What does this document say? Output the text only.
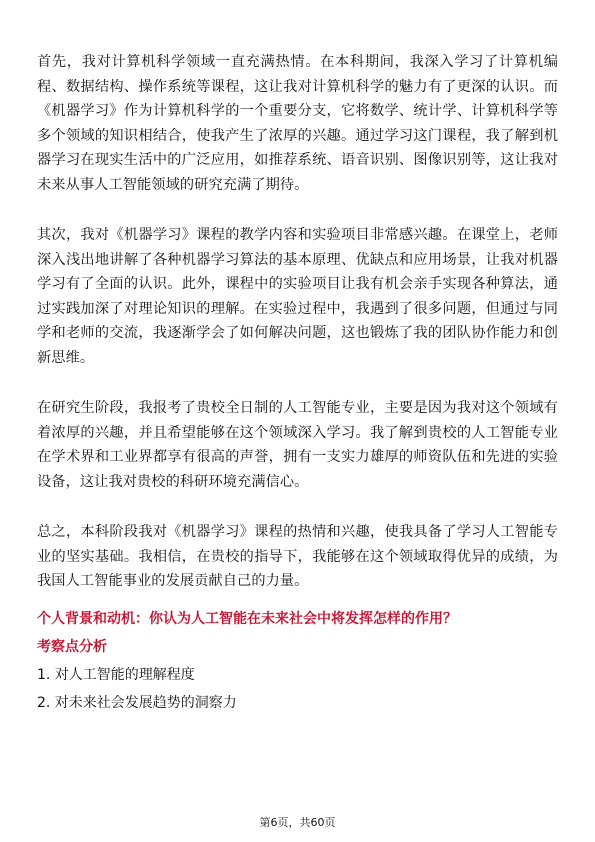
首先，我对计算机科学领域一直充满热情。在本科期间，我深入学习了计算机编程、数据结构、操作系统等课程，这让我对计算机科学的魅力有了更深的认识。而《机器学习》作为计算机科学的一个重要分支，它将数学、统计学、计算机科学等多个领域的知识相结合，使我产生了浓厚的兴趣。通过学习这门课程，我了解到机器学习在现实生活中的广泛应用，如推荐系统、语音识别、图像识别等，这让我对未来从事人工智能领域的研究充满了期待。

其次，我对《机器学习》课程的教学内容和实验项目非常感兴趣。在课堂上，老师深入浅出地讲解了各种机器学习算法的基本原理、优缺点和应用场景，让我对机器学习有了全面的认识。此外，课程中的实验项目让我有机会亲手实现各种算法，通过实践加深了对理论知识的理解。在实验过程中，我遇到了很多问题，但通过与同学和老师的交流，我逐渐学会了如何解决问题，这也锻炼了我的团队协作能力和创新思维。

在研究生阶段，我报考了贵校全日制的人工智能专业，主要是因为我对这个领域有着浓厚的兴趣，并且希望能够在这个领域深入学习。我了解到贵校的人工智能专业在学术界和工业界都享有很高的声誉，拥有一支实力雄厚的师资队伍和先进的实验设备，这让我对贵校的科研环境充满信心。

总之，本科阶段我对《机器学习》课程的热情和兴趣，使我具备了学习人工智能专业的坚实基础。我相信，在贵校的指导下，我能够在这个领域取得优异的成绩，为我国人工智能事业的发展贡献自己的力量。

个人背景和动机：你认为人工智能在未来社会中将发挥怎样的作用？
考察点分析
1. 对人工智能的理解程度
2. 对未来社会发展趋势的洞察力
第6页，共60页
